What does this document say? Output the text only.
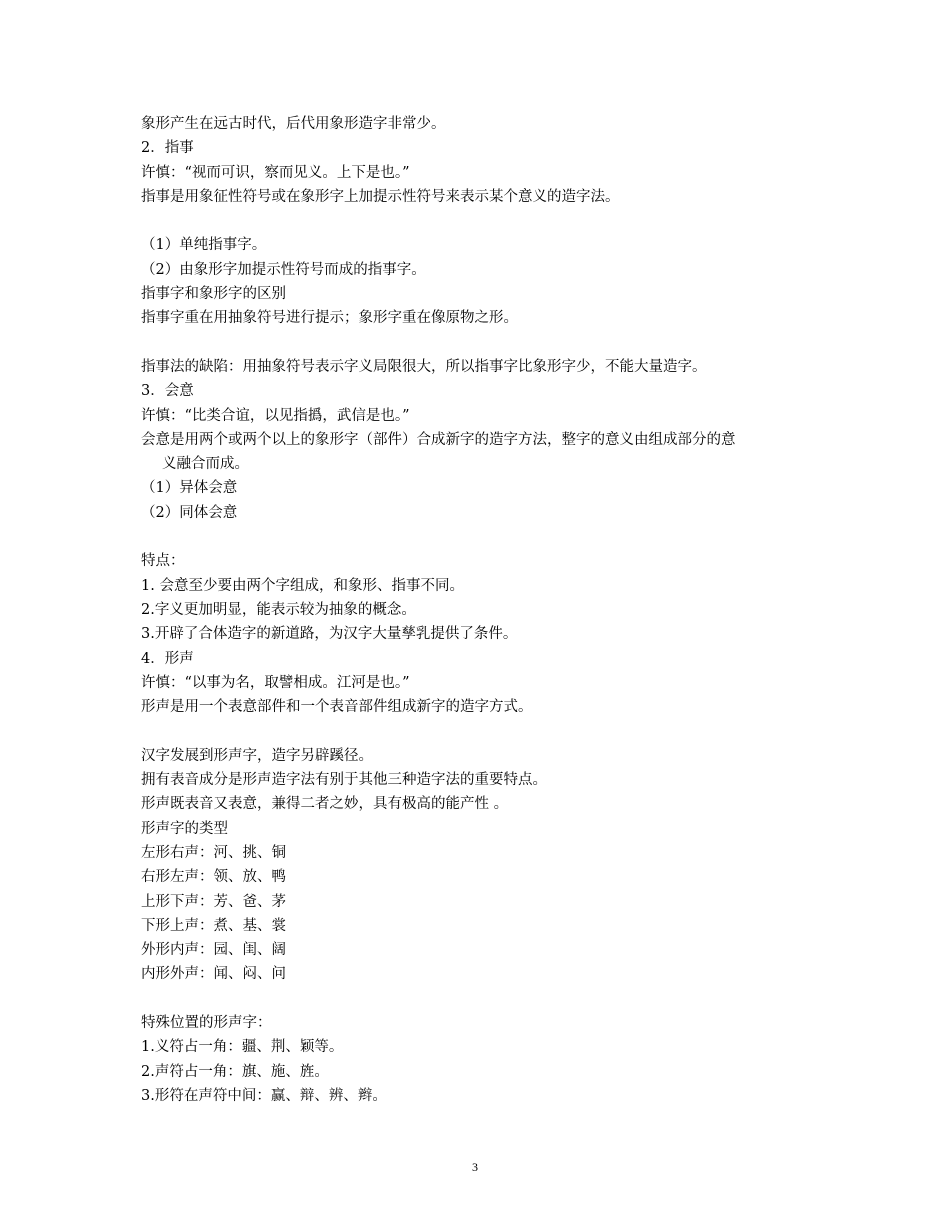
象形产生在远古时代，后代用象形造字非常少。
2．指事
许慎：“视而可识，察而见义。上下是也。”
指事是用象征性符号或在象形字上加提示性符号来表示某个意义的造字法。
（1）单纯指事字。
（2）由象形字加提示性符号而成的指事字。
指事字和象形字的区别
指事字重在用抽象符号进行提示；象形字重在像原物之形。
指事法的缺陷：用抽象符号表示字义局限很大，所以指事字比象形字少，不能大量造字。
3．会意
许慎：“比类合谊，以见指撝，武信是也。”
会意是用两个或两个以上的象形字（部件）合成新字的造字方法，整字的意义由组成部分的意
义融合而成。
（1）异体会意
（2）同体会意
特点：
1. 会意至少要由两个字组成，和象形、指事不同。
2.字义更加明显，能表示较为抽象的概念。
3.开辟了合体造字的新道路，为汉字大量孳乳提供了条件。
4．形声
许慎：“以事为名，取譬相成。江河是也。”
形声是用一个表意部件和一个表音部件组成新字的造字方式。
汉字发展到形声字，造字另辟蹊径。
拥有表音成分是形声造字法有别于其他三种造字法的重要特点。
形声既表音又表意，兼得二者之妙，具有极高的能产性 。
形声字的类型
左形右声：河、挑、铜
右形左声：领、放、鸭
上形下声：芳、爸、茅
下形上声：煮、基、裳
外形内声：园、闺、阔
内形外声：闻、闷、问
特殊位置的形声字：
1.义符占一角：疆、荆、颖等。
2.声符占一角：旗、施、旌。
3.形符在声符中间：赢、辩、辨、辫。
3
